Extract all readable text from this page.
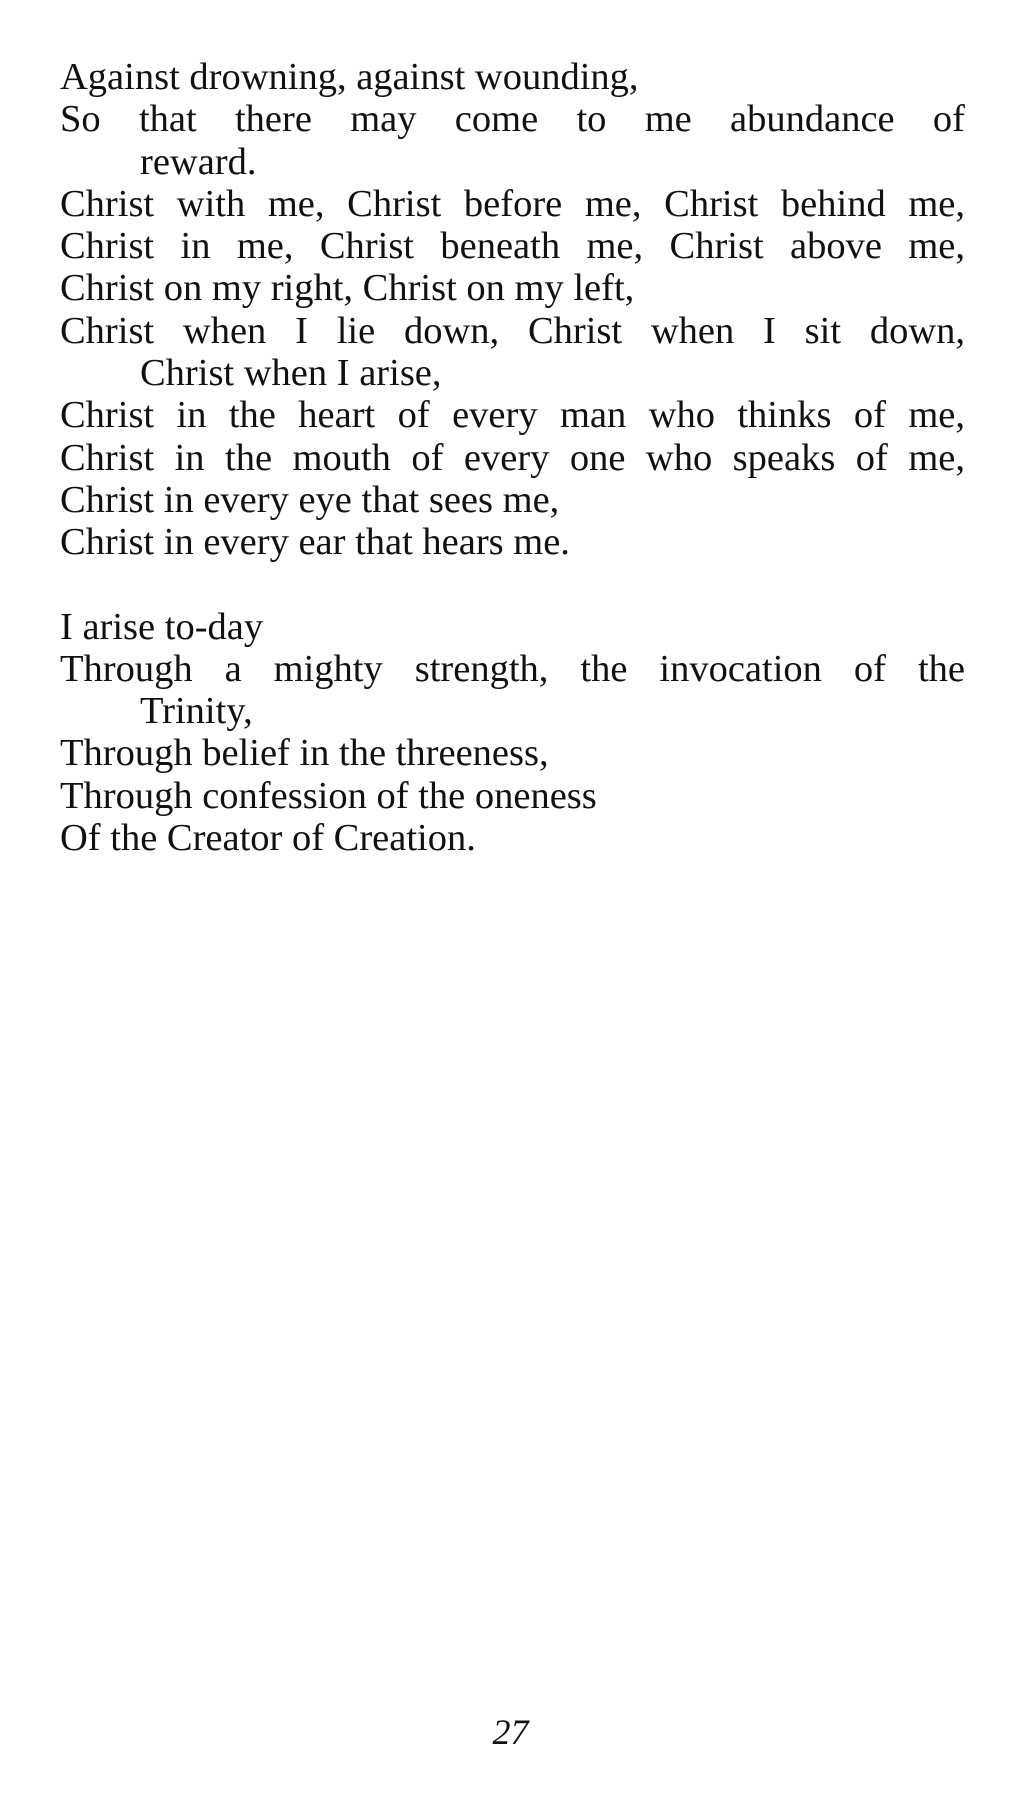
Against drowning, against wounding,
So that there may come to me abundance of
reward.
Christ with me, Christ before me, Christ behind me,
Christ in me, Christ beneath me, Christ above me,
Christ on my right, Christ on my left,
Christ when I lie down, Christ when I sit down,
Christ when I arise,
Christ in the heart of every man who thinks of me,
Christ in the mouth of every one who speaks of me,
Christ in every eye that sees me,
Christ in every ear that hears me.
I arise to-day
Through a mighty strength, the invocation of the
Trinity,
Through belief in the threeness,
Through confession of the oneness
Of the Creator of Creation.
27
